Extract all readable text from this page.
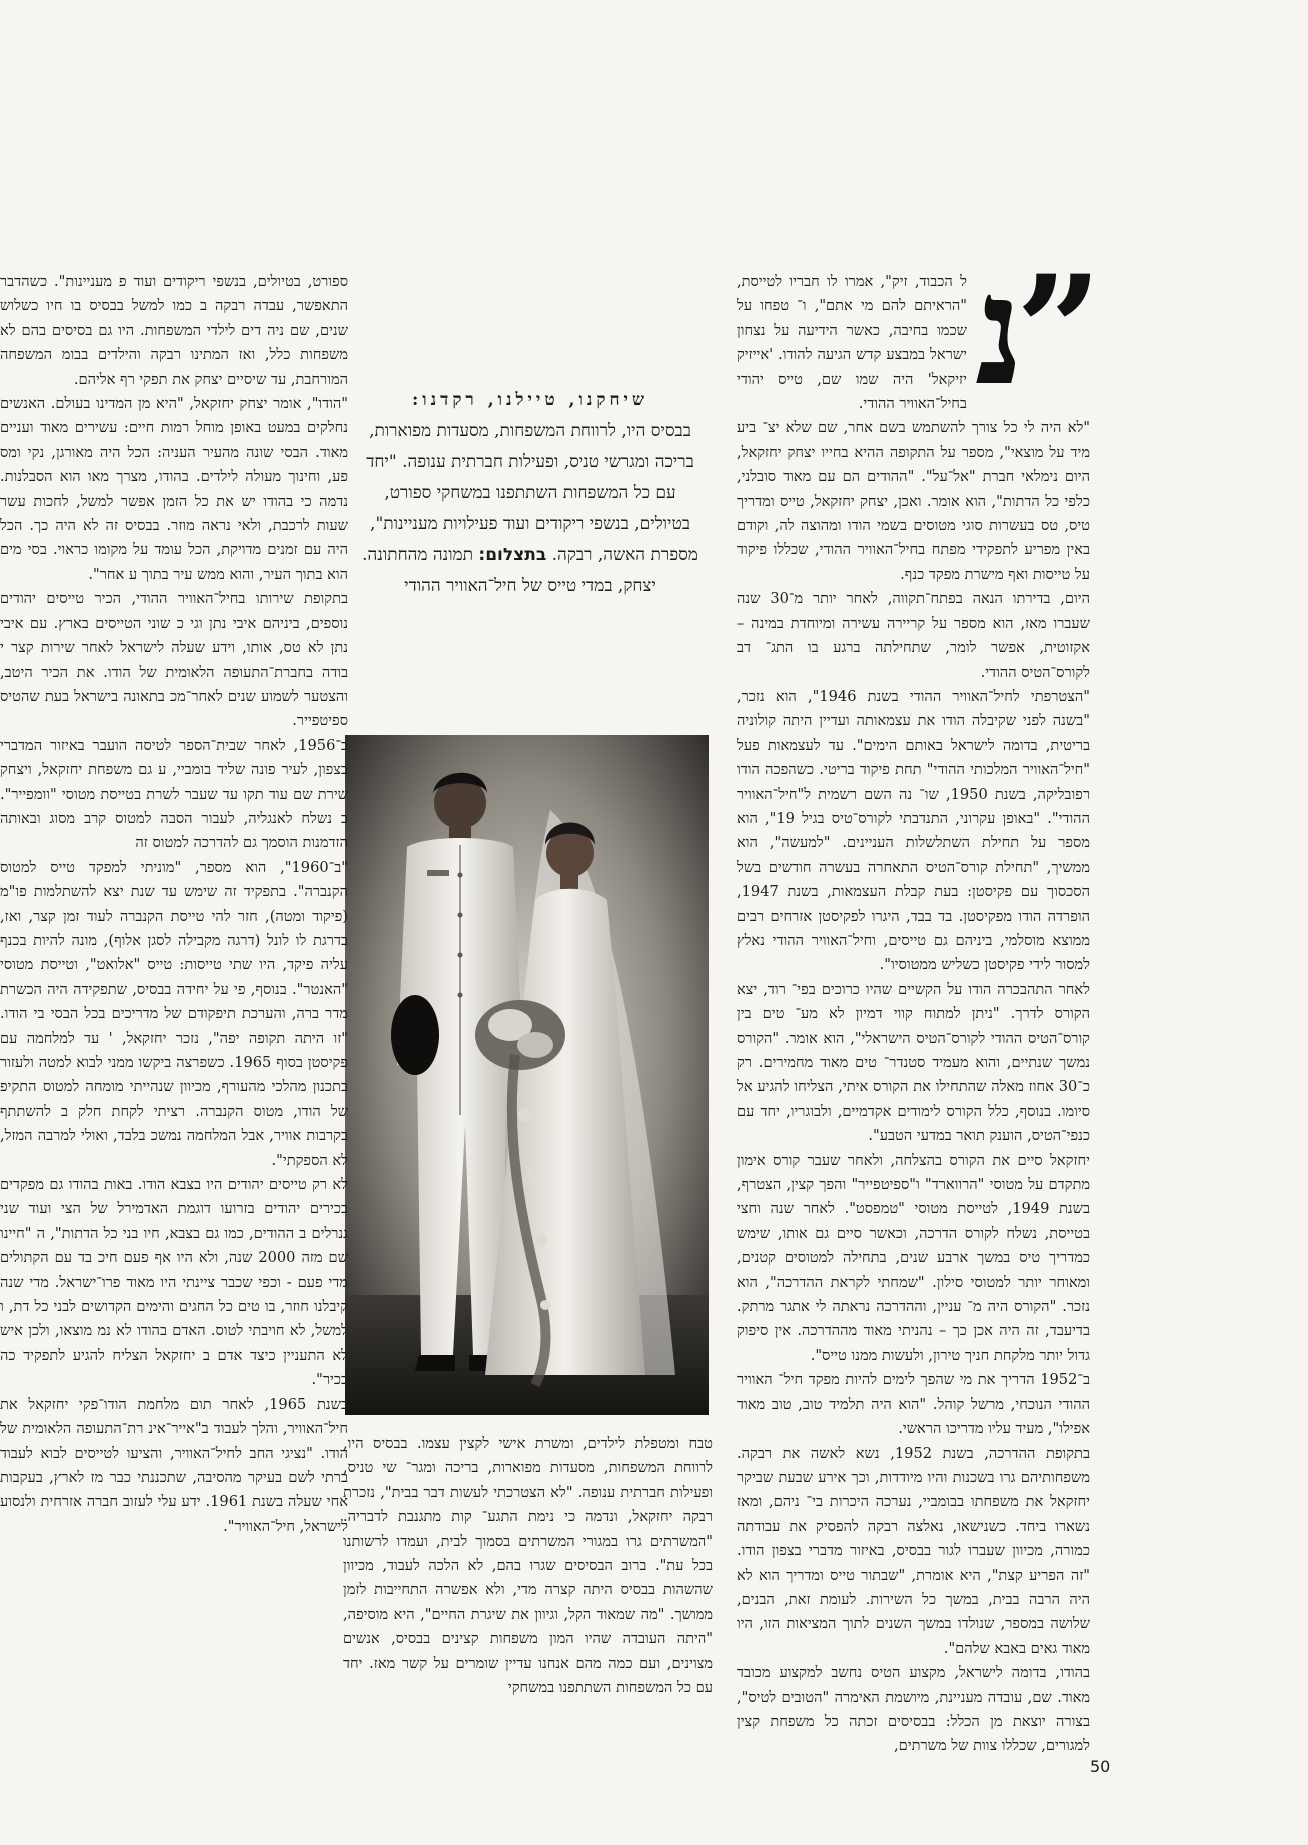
”נ

ל הכבוד, זיק", אמרו לו חבריו לטייסת, "הראיתם להם מי אתם", ו־ טפחו על שכמו בחיבה, כאשר הידיעה על נצחון ישראל במבצע קדש הגיעה להודו. 'אייזיק יזיקאל' היה שמו שם, טייס יהודי בחיל־האוויר ההודי.

"לא היה לי כל צורך להשתמש בשם אחר, שם שלא יצ־ ביע מיד על מוצאי", מספר על התקופה ההיא בחייו יצחק יחזקאל, היום נימלאי חברת "אל־על". "ההודים הם עם מאוד סובלני, כלפי כל הדתות", הוא אומר. ואכן, יצחק יחזקאל, טייס ומדריך טיס, טס בעשרות סוגי מטוסים בשמי הודו ומהוצה לה, וקודם באין מפריע לתפקידי מפתח בחיל־האוויר ההודי, שכללו פיקוד על טייסות ואף מישרת מפקד כנף.

היום, בדירתו הנאה בפתח־תקווה, לאחר יותר מ־30 שנה שעברו מאז, הוא מספר על קריירה עשירה ומיוחדת במינה – אקזוטית, אפשר לומר, שתחילתה ברגע בו התג־ דב לקורס־הטיס ההודי.

"הצטרפתי לחיל־האוויר ההודי בשנת 1946", הוא נזכר, "בשנה לפני שקיבלה הודו את עצמאותה ועדיין היתה קולוניה בריטית, בדומה לישראל באותם הימים". עד לעצמאות פעל "חיל־האוויר המלכותי ההודי" תחת פיקוד בריטי. כשהפכה הודו רפובליקה, בשנת 1950, שו־ נה השם רשמית ל"חיל־האוויר ההודי". "באופן עקרוני, התנדבתי לקורס־טיס בגיל 19", הוא מספר על תחילת השתלשלות העניינים. "למעשה", הוא ממשיך, "תחילת קורס־הטיס התאחרה בעשרה חודשים בשל הסכסוך עם פקיסטן: בעת קבלת העצמאות, בשנת 1947, הופרדה הודו מפקיסטן. בד בבד, היגרו לפקיסטן אזרחים רבים ממוצא מוסלמי, ביניהם גם טייסים, וחיל־האוויר ההודי נאלץ למסור לידי פקיסטן כשליש ממטוסיו".

לאחר התהבכרה הודו על הקשיים שהיו כרוכים בפי־ רוד, יצא הקורס לדרך. "ניתן למתוח קווי דמיון לא מע־ טים בין קורס־הטיס ההודי לקורס־הטיס הישראלי", הוא אומר. "הקורס נמשך שנתיים, והוא מעמיד סטנדר־ טים מאוד מחמירים. רק כ־30 אחוז מאלה שהתחילו את הקורס איתי, הצליחו להגיע אל סיומו. בנוסף, כלל הקורס לימודים אקדמיים, ולבוגריו, יחד עם כנפי־הטיס, הוענק תואר במדעי הטבע".

יחזקאל סיים את הקורס בהצלחה, ולאחר שעבר קורס אימון מתקדם על מטוסי "הרווארד" ו"ספיטפייר" והפך קצין, הצטרף, בשנת 1949, לטייסת מטוסי "טמפסט". לאחר שנה וחצי בטייסת, נשלח לקורס הדרכה, וכאשר סיים גם אותו, שימש כמדריך טיס במשך ארבע שנים, בתחילה למטוסים קטנים, ומאוחר יותר למטוסי סילון. "שמחתי לקראת ההדרכה", הוא נזכר. "הקורס היה מ־ עניין, וההדרכה נראתה לי אתגר מרתק. בדיעבד, זה היה אכן כך – נהניתי מאוד מההדרכה. אין סיפוק גדול יותר מלקחת חניך טירון, ולעשות ממנו טייס".

ב־1952 הדריך את מי שהפך לימים להיות מפקד חיל־ האוויר ההודי הנוכחי, מרשל קוהל. "הוא היה תלמיד טוב, טוב מאוד אפילו", מעיד עליו מדריכו הראשי.

בתקופת ההדרכה, בשנת 1952, נשא לאשה את רבקה. משפחותיהם גרו בשכנות והיו מיודדות, וכך אירע שבעת שביקר יחזקאל את משפחתו בבומביי, נערכה היכרות בי־ ניהם, ומאז נשארו ביחד. כשנישאו, נאלצה רבקה להפסיק את עבודתה כמורה, מכיוון שעברו לגור בבסיס, באיזור מדברי בצפון הודו. "זה הפריע קצת", היא אומרת, "שבתור טייס ומדריך הוא לא היה הרבה בבית, במשך כל השירות. לעומת זאת, הבנים, שלושה במספר, שנולדו במשך השנים לתוך המציאות הזו, היו מאוד גאים באבא שלהם".

בהודו, בדומה לישראל, מקצוע הטיס נחשב למקצוע מכובד מאוד. שם, עובדה מעניינת, מיושמת האימרה "הטובים לטיס", בצורה יוצאת מן הכלל: בבסיסים זכתה כל משפחת קצין למגורים, שכללו צוות של משרתים,

שיחקנו, טיילנו, רקדנו:
בבסיס היו, לרווחת המשפחות, מסעדות מפוארות, בריכה ומגרשי טניס, ופעילות חברתית ענופה. "יחד עם כל המשפחות השתתפנו במשחקי ספורט, בטיולים, בנשפי ריקודים ועוד פעילויות מעניינות", מספרת האשה, רבקה. בתצלום: תמונה מהחתונה. יצחק, במדי טייס של חיל־האוויר ההודי

טבח ומטפלת לילדים, ומשרת אישי לקצין עצמו. בבסיס היו, לרווחת המשפחות, מסעדות מפוארות, בריכה ומגר־ שי טניס, ופעילות חברתית ענופה. "לא הצטרכתי לעשות דבר בבית", נזכרת רבקה יחזקאל, ונדמה כי נימת התגע־ קות מתגנבת לדבריה. "המשרתים גרו במגורי המשרתים בסמוך לבית, ועמדו לרשותנו בכל עת". ברוב הבסיסים שגרו בהם, לא הלכה לעבוד, מכיוון שהשהות בבסיס היתה קצרה מדי, ולא אפשרה התחייבות לזמן ממושך. "מה שמאוד הקל, וגיוון את שיגרת החיים", היא מוסיפה, "היתה העובדה שהיו המון משפחות קצינים בבסיס, אנשים מצוינים, ועם כמה מהם אנחנו עדיין שומרים על קשר מאז. יחד עם כל המשפחות השתתפנו במשחקי

ספורט, בטיולים, בנשפי ריקודים ועוד פ מעניינות". כשהדבר התאפשר, עבדה רבקה ב כמו למשל בבסיס בו חיו כשלוש שנים, שם ניה דים לילדי המשפחות. היו גם בסיסים בהם לא משפחות כלל, ואז המתינו רבקה והילדים בבומ המשפחה המורחבת, עד שיסיים יצחק את תפקי רף אליהם.

"הודו", אומר יצחק יחזקאל, "היא מן המדינו בעולם. האנשים נחלקים במעט באופן מוחל רמות חיים: עשירים מאוד ועניים מאוד. הבסי שונה מהעיר העניה: הכל היה מאורגן, נקי ומס פע, וחינוך מעולה לילדים. בהודו, מצרך מאו הוא הסבלנות. נדמה כי בהודו יש את כל הזמן אפשר למשל, לחכות עשר שעות לרכבת, ולאי נראה מוזר. בבסיס זה לא היה כך. הכל היה עם זמנים מדויקת, הכל עומד על מקומו כראוי. בסי מים הוא בתוך העיר, והוא ממש עיר בתוך ע אחר".

בתקופת שירותו בחיל־האוויר ההודי, הכיר טייסים יהודים נוספים, ביניהם איבי נתן וגי כ שוני הטייסים בארץ. עם איבי נתן לא טס, אותו, וידע שעלה לישראל לאחר שירות קצר י בודה בחברת־התעופה הלאומית של הודו. את הכיר היטב, והצטער לשמוע שנים לאחר־מכ בתאונה בישראל בעת שהטיס ספיטפייר.

ב־1956, לאחר שבית־הספר לטיסה הועבר באיזור המדברי בצפון, לעיר פונה שליד בומביי, ע גם משפחת יחזקאל, ויצחק שירת שם עוד תקו עד שעבר לשרת בטייסת מטוסי "וומפייר". ב נשלח לאנגליה, לעבור הסבה למטוס קרב מסוג ובאותה הזדמנות הוסמך גם להדרכה למטוס זה

"ב־1960", הוא מספר, "מוניתי למפקד טייס למטוס הקנברה". בתפקיד זה שימש עד שנת יצא להשתלמות פו"מ (פיקוד ומטה), חזר להי טייסת הקנברה לעוד זמן קצר, ואז, בדרגת לו לונל (דרגה מקבילה לסגן אלוף), מונה להיות בכנף עליה פיקד, היו שתי טייסות: טייס "אלואט", וטייסת מטוסי "האנטר". בנוסף, פי על יחידה בבסיס, שתפקידה היה הכשרת מדר ברה, והערכת תיפקודם של מדריכים בכל הבסי בי הודו. "זו היתה תקופה יפה", נזכר יחזקאל, ' עד למלחמה עם פקיסטן בסוף 1965. כשפרצה ביקשו ממני לבוא למטה ולעזור בתכנון מהלכי מהעורף, מכיוון שנהייתי מומחה למטוס התקיפ של הודו, מטוס הקנברה. רציתי לקחת חלק ב להשתתף בקרבות אוויר, אבל המלחמה נמשכ בלבד, ואולי למרבה המזל, לא הספקתי".

לא רק טייסים יהודים היו בצבא הודו. באות בהודו גם מפקדים בכירים יהודים בזרועו דוגמת האדמירל של הצי ועוד שני גנרלים ב ההודים, כמו גם בצבא, חיו בני כל הדתות", ה "חיינו שם מזה 2000 שנה, ולא היו אף פעם חיכ בד עם הקתולים מדי פעם - וכפי שכבר ציינתי היו מאוד פרו־ישראל. מדי שנה קיבלנו חוזר, בו טים כל החגים והימים הקדושים לבני כל דת, ו למשל, לא חויבתי לטוס. האדם בהודו לא נמ מוצאו, ולכן איש לא התעניין כיצד אדם ב יחזקאל הצליח להגיע לתפקיד כה בכיר".

בשנת 1965, לאחר תום מלחמת הודו־פקי יחזקאל את חיל־האוויר, והלך לעבוד ב"אייר־אינ רת־התעופה הלאומית של הודו. "נציגי החב לחיל־האוויר, והציעו לטייסים לבוא לעבוד ברתי לשם בעיקר מהסיבה, שתכננתי כבר מז לארץ, בעקבות אחי שעלה בשנת 1961. ידע עלי לעזוב חברה אזרחית ולנסוע לישראל, חיל־האוויר".

50
